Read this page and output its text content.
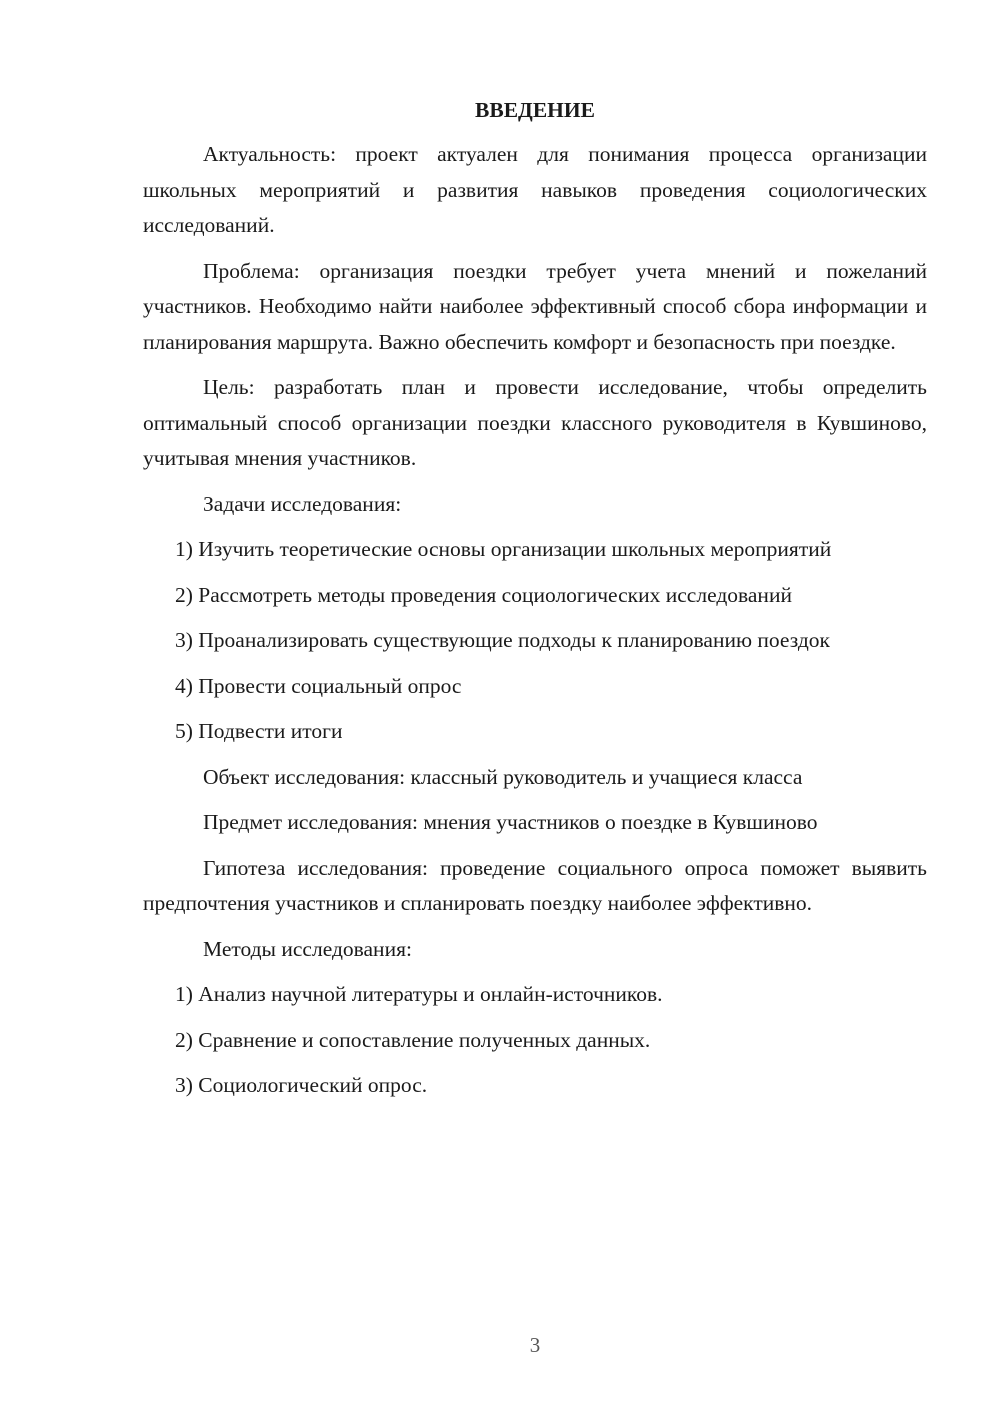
ВВЕДЕНИЕ

Актуальность: проект актуален для понимания процесса организации школьных мероприятий и развития навыков проведения социологических исследований.

Проблема: организация поездки требует учета мнений и пожеланий участников. Необходимо найти наиболее эффективный способ сбора информации и планирования маршрута. Важно обеспечить комфорт и безопасность при поездке.

Цель: разработать план и провести исследование, чтобы определить оптимальный способ организации поездки классного руководителя в Кувшиново, учитывая мнения участников.

Задачи исследования:

1) Изучить теоретические основы организации школьных мероприятий

2) Рассмотреть методы проведения социологических исследований

3) Проанализировать существующие подходы к планированию поездок

4) Провести социальный опрос

5) Подвести итоги

Объект исследования: классный руководитель и учащиеся класса

Предмет исследования: мнения участников о поездке в Кувшиново

Гипотеза исследования: проведение социального опроса поможет выявить предпочтения участников и спланировать поездку наиболее эффективно.

Методы исследования:

1) Анализ научной литературы и онлайн-источников.

2) Сравнение и сопоставление полученных данных.

3) Социологический опрос.

3
